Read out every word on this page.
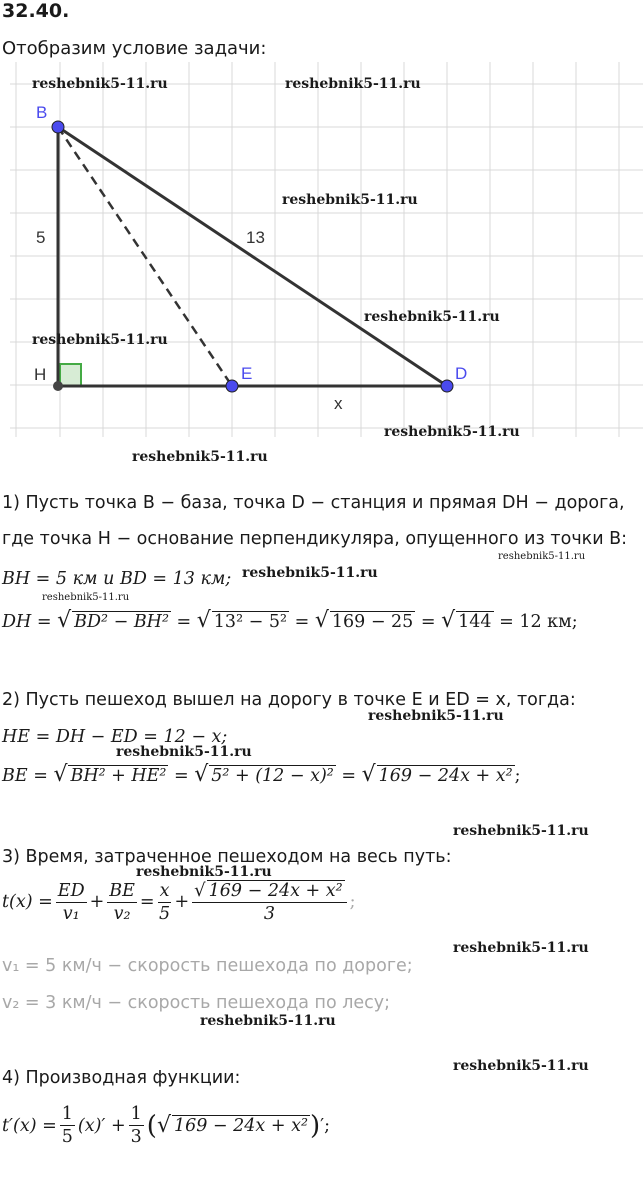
32.40.
Отобразим условие задачи:
B
H	E	D
5	13
x
reshebnik5-11.ru	reshebnik5-11.ru
reshebnik5-11.ru
reshebnik5-11.ru
reshebnik5-11.ru
reshebnik5-11.ru
reshebnik5-11.ru
1) Пусть точка B − база, точка D − станция и прямая DH − дорога,
где точка H − основание перпендикуляра, опущенного из точки B:
reshebnik5-11.ru
BH = 5 км и BD = 13 км; reshebnik5-11.ru
reshebnik5-11.ru
DH = √ BD² − BH² = √ 13² − 5² = √ 169 − 25 = √ 144 = 12 км;
2) Пусть пешеход вышел на дорогу в точке E и ED = x, тогда:
reshebnik5-11.ru
HE = DH − ED = 12 − x;
reshebnik5-11.ru
BE = √ BH² + HE² = √ 5² + (12 − x)² = √ 169 − 24x + x² ;
reshebnik5-11.ru
3) Время, затраченное пешеходом на весь путь:
reshebnik5-11.ru
$t(x) = \frac{ED}{\text{v₁}} + \frac{BE}{\text{v₂}} = \frac{x}{5} + \frac{\text{√ 169 − 24x + x²}}{3}$ ;
reshebnik5-11.ru
v₁ = 5 км/ч − скорость пешехода по дороге;
v₂ = 3 км/ч − скорость пешехода по лесу;
reshebnik5-11.ru
reshebnik5-11.ru
4) Производная функции:
$t'(x) = \frac{1}{5} (x)' + \frac{1}{3}$ ( √ 169 − 24x + x² ) ′;
